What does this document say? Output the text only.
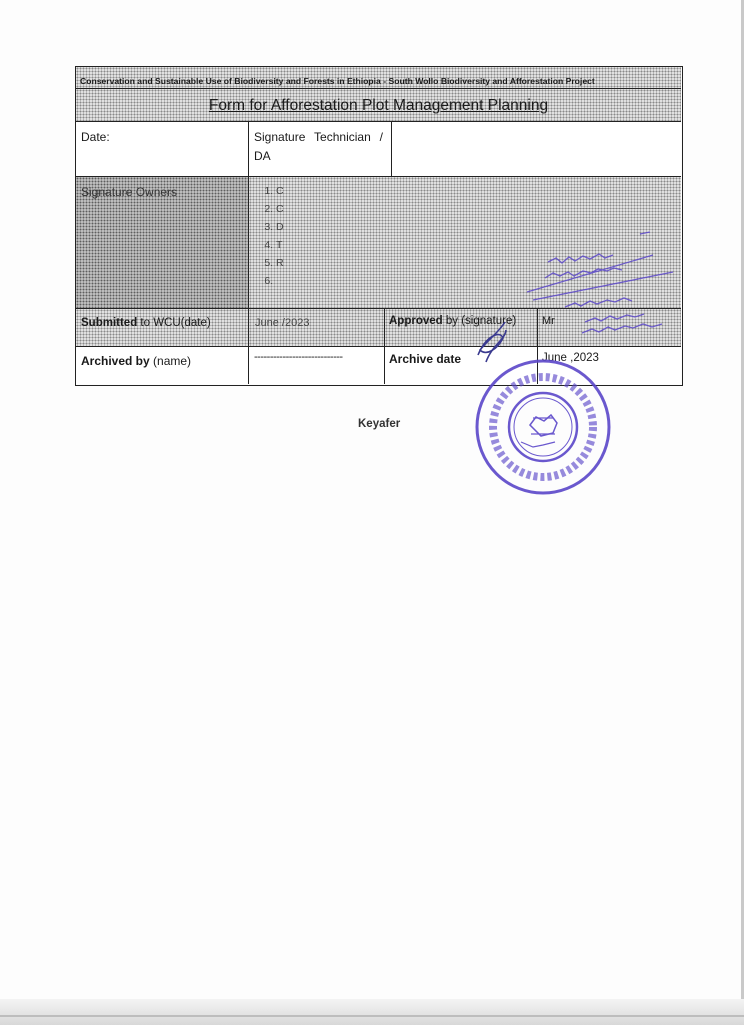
Conservation and Sustainable Use of Biodiversity and Forests in Ethiopia - South Wollo Biodiversity and Afforestation Project
Form for Afforestation Plot Management Planning
Date:	Signature Technician / DA
Signature Owners
1.	C
2. C
3. D
4. T
5. R
6.
Submitted to WCU(date)	June /2023	Approved by (signature)	Mr
Archived by (name)	----------------------------	Archive date	June ,2023
Keyafer
